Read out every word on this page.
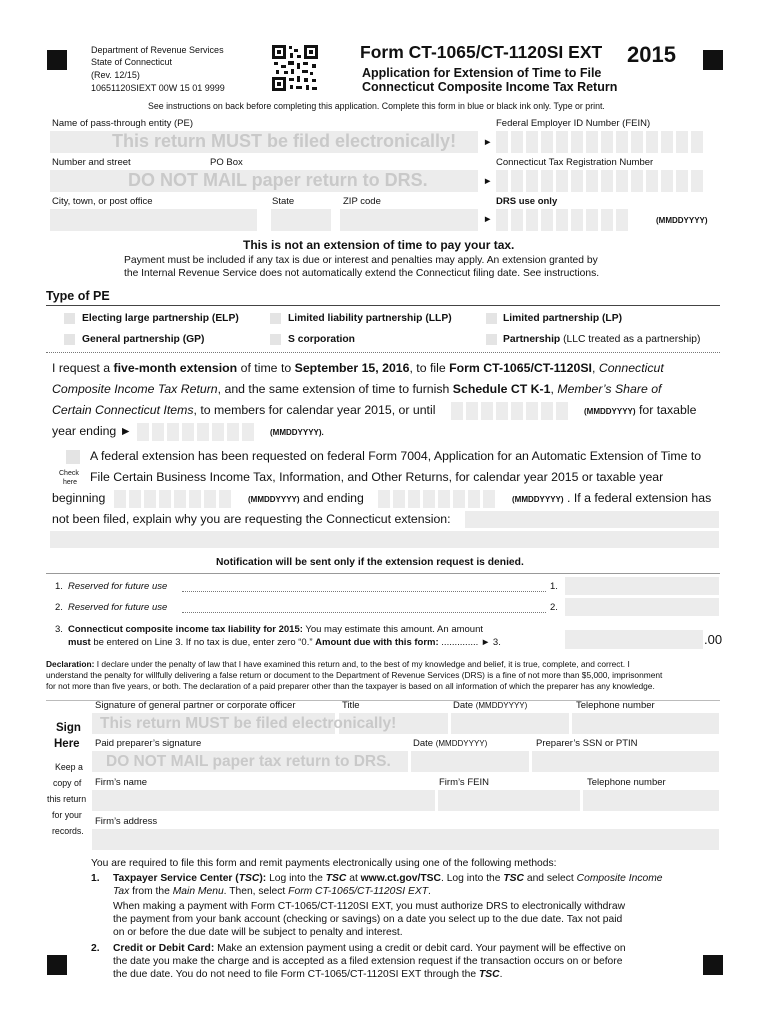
Department of Revenue Services
State of Connecticut
(Rev. 12/15)
10651120SIEXT 00W 15 01 9999
Form CT-1065/CT-1120SI EXT 2015
Application for Extension of Time to File
Connecticut Composite Income Tax Return
See instructions on back before completing this application. Complete this form in blue or black ink only. Type or print.
Name of pass-through entity (PE)	Federal Employer ID Number (FEIN)
This return MUST be filed electronically!	►
Number and street	PO Box	Connecticut Tax Registration Number
DO NOT MAIL paper return to DRS.	►
City, town, or post office	State	ZIP code	DRS use only
►	(MMDDYYYY)
This is not an extension of time to pay your tax.
Payment must be included if any tax is due or interest and penalties may apply. An extension granted by
the Internal Revenue Service does not automatically extend the Connecticut filing date. See instructions.
Type of PE
Electing large partnership (ELP)	Limited liability partnership (LLP)	Limited partnership (LP)
General partnership (GP)	S corporation	Partnership (LLC treated as a partnership)
I request a five-month extension of time to September 15, 2016, to file Form CT-1065/CT-1120SI, Connecticut
Composite Income Tax Return, and the same extension of time to furnish Schedule CT K-1, Member’s Share of
Certain Connecticut Items, to members for calendar year 2015, or until	(MMDDYYYY) for taxable
year ending ►	(MMDDYYYY).
Check
here
A federal extension has been requested on federal Form 7004, Application for an Automatic Extension of Time to
File Certain Business Income Tax, Information, and Other Returns, for calendar year 2015 or taxable year
beginning	(MMDDYYYY) and ending	(MMDDYYYY) . If a federal extension has
not been filed, explain why you are requesting the Connecticut extension:
Notification will be sent only if the extension request is denied.
1. Reserved for future use	1.
2. Reserved for future use	2.
3. Connecticut composite income tax liability for 2015: You may estimate this amount. An amount
must be entered on Line 3. If no tax is due, enter zero “0.” Amount due with this form: .............. ► 3.	.00
Declaration: I declare under the penalty of law that I have examined this return and, to the best of my knowledge and belief, it is true, complete, and correct. I
understand the penalty for willfully delivering a false return or document to the Department of Revenue Services (DRS) is a fine of not more than $5,000, imprisonment
for not more than five years, or both. The declaration of a paid preparer other than the taxpayer is based on all information of which the preparer has any knowledge.
Sign
Here
Keep a
copy of
this return
for your
records.
Signature of general partner or corporate officer	Title	Date (MMDDYYYY)	Telephone number
This return MUST be filed electronically!
Paid preparer’s signature	Date (MMDDYYYY)	Preparer’s SSN or PTIN
DO NOT MAIL paper tax return to DRS.
Firm’s name	Firm’s FEIN	Telephone number
Firm’s address
You are required to file this form and remit payments electronically using one of the following methods:
1. Taxpayer Service Center (TSC): Log into the TSC at www.ct.gov/TSC. Log into the TSC and select Composite Income
Tax from the Main Menu. Then, select Form CT-1065/CT-1120SI EXT.
When making a payment with Form CT-1065/CT-1120SI EXT, you must authorize DRS to electronically withdraw
the payment from your bank account (checking or savings) on a date you select up to the due date. Tax not paid
on or before the due date will be subject to penalty and interest.
2. Credit or Debit Card: Make an extension payment using a credit or debit card. Your payment will be effective on
the date you make the charge and is accepted as a filed extension request if the transaction occurs on or before
the due date. You do not need to file Form CT-1065/CT-1120SI EXT through the TSC.
